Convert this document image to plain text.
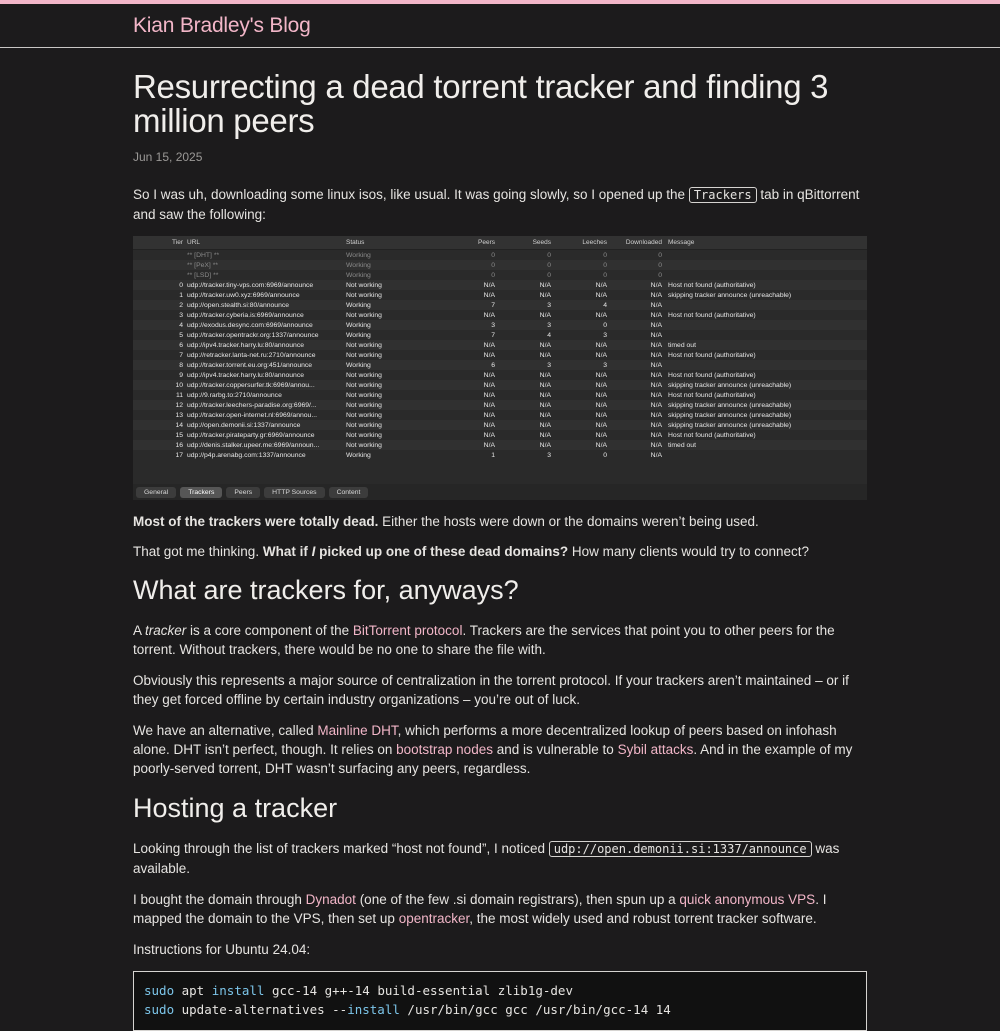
Kian Bradley's Blog
Resurrecting a dead torrent tracker and finding 3 million peers
Jun 15, 2025

So I was uh, downloading some linux isos, like usual. It was going slowly, so I opened up the Trackers tab in qBittorrent and saw the following:

Tier URL	Status	Peers	Seeds	Leeches	Downloaded Message
** [DHT] **	Working	0	0	0	0
** [PeX] **	Working	0	0	0	0
** [LSD] **	Working	0	0	0	0
0 udp://tracker.tiny-vps.com:6969/announce	Not working	N/A	N/A	N/A	N/A Host not found (authoritative)
1 udp://tracker.uw0.xyz:6969/announce	Not working	N/A	N/A	N/A	N/A skipping tracker announce (unreachable)
2 udp://open.stealth.si:80/announce	Working	7	3	4	N/A
3 udp://tracker.cyberia.is:6969/announce	Not working	N/A	N/A	N/A	N/A Host not found (authoritative)
4 udp://exodus.desync.com:6969/announce	Working	3	3	0	N/A
5 udp://tracker.opentrackr.org:1337/announce	Working	7	4	3	N/A
6 udp://ipv4.tracker.harry.lu:80/announce	Not working	N/A	N/A	N/A	N/A timed out
7 udp://retracker.lanta-net.ru:2710/announce	Not working	N/A	N/A	N/A	N/A Host not found (authoritative)
8 udp://tracker.torrent.eu.org:451/announce	Working	6	3	3	N/A
9 udp://ipv4.tracker.harry.lu:80/announce	Not working	N/A	N/A	N/A	N/A Host not found (authoritative)
10 udp://tracker.coppersurfer.tk:6969/annou...	Not working	N/A	N/A	N/A	N/A skipping tracker announce (unreachable)
11 udp://9.rarbg.to:2710/announce	Not working	N/A	N/A	N/A	N/A Host not found (authoritative)
12 udp://tracker.leechers-paradise.org:6969/...	Not working	N/A	N/A	N/A	N/A skipping tracker announce (unreachable)
13 udp://tracker.open-internet.nl:6969/annou...	Not working	N/A	N/A	N/A	N/A skipping tracker announce (unreachable)
14 udp://open.demonii.si:1337/announce	Not working	N/A	N/A	N/A	N/A skipping tracker announce (unreachable)
15 udp://tracker.pirateparty.gr:6969/announce	Not working	N/A	N/A	N/A	N/A Host not found (authoritative)
16 udp://denis.stalker.upeer.me:6969/announ...	Not working	N/A	N/A	N/A	N/A timed out
17 udp://p4p.arenabg.com:1337/announce	Working	1	3	0	N/A
General	Trackers	Peers	HTTP Sources	Content

Most of the trackers were totally dead. Either the hosts were down or the domains weren’t being used.

That got me thinking. What if I picked up one of these dead domains? How many clients would try to connect?

What are trackers for, anyways?

A tracker is a core component of the BitTorrent protocol. Trackers are the services that point you to other peers for the torrent. Without trackers, there would be no one to share the file with.

Obviously this represents a major source of centralization in the torrent protocol. If your trackers aren’t maintained – or if they get forced offline by certain industry organizations – you’re out of luck.

We have an alternative, called Mainline DHT, which performs a more decentralized lookup of peers based on infohash alone. DHT isn’t perfect, though. It relies on bootstrap nodes and is vulnerable to Sybil attacks. And in the example of my poorly-served torrent, DHT wasn’t surfacing any peers, regardless.

Hosting a tracker

Looking through the list of trackers marked “host not found”, I noticed udp://open.demonii.si:1337/announce was available.

I bought the domain through Dynadot (one of the few .si domain registrars), then spun up a quick anonymous VPS. I mapped the domain to the VPS, then set up opentracker, the most widely used and robust torrent tracker software.

Instructions for Ubuntu 24.04:

sudo apt install gcc-14 g++-14 build-essential zlib1g-dev
sudo update-alternatives --install /usr/bin/gcc gcc /usr/bin/gcc-14 14
